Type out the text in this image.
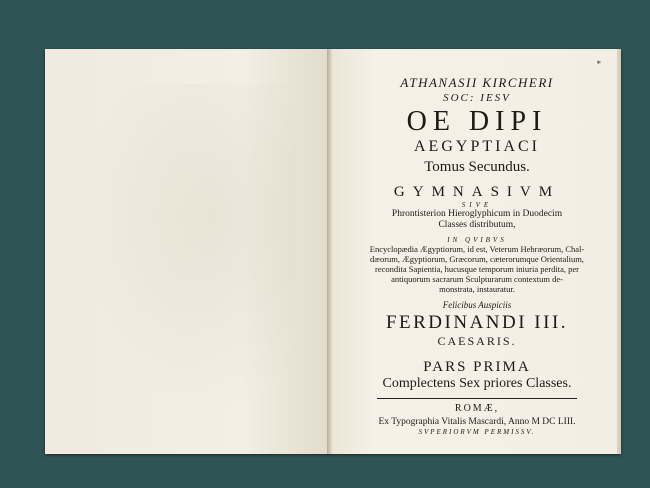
*

ATHANASII KIRCHERI

SOC: IESV

OE DIPI

AEGYPTIACI

Tomus Secundus.

GYMNASIVM

SIVE

Phrontisterion Hieroglyphicum in Duodecim

Classes distributum,

IN QVIBVS

Encyclopædia Ægyptiorum, id est, Veterum Hebræorum, Chal-

dæorum, Ægyptiorum, Græcorum, cæterorumque Orientalium,

recondita Sapientia, hucusque temporum iniuria perdita, per

antiquorum sacrarum Sculpturarum contextum de-

monstrata, instauratur.

Felicibus Auspiciis

FERDINANDI III.

CAESARIS.

PARS PRIMA

Complectens Sex priores Classes.

ROMÆ,

Ex Typographia Vitalis Mascardi, Anno M DC LIII.

SVPERIORVM PERMISSV.
